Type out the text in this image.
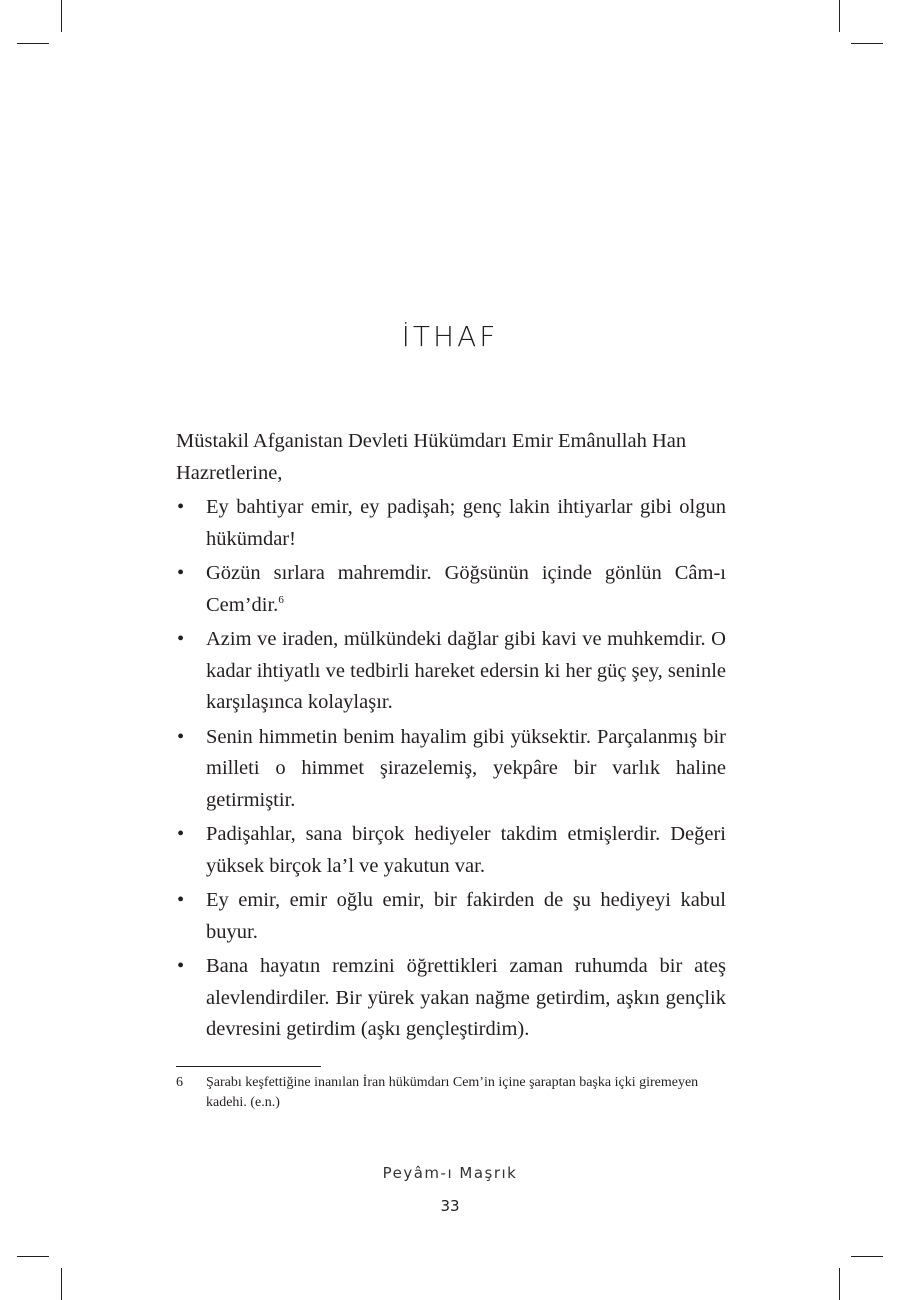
İTHAF

Müstakil Afganistan Devleti Hükümdarı Emir Emânullah Han Hazretlerine,

•	Ey bahtiyar emir, ey padişah; genç lakin ihtiyarlar gibi olgun hükümdar!
•	Gözün sırlara mahremdir. Göğsünün içinde gönlün Câm-ı Cem’dir.$^6$
•	Azim ve iraden, mülkündeki dağlar gibi kavi ve muhkemdir. O kadar ihtiyatlı ve tedbirli hareket edersin ki her güç şey, seninle karşılaşınca kolaylaşır.
•	Senin himmetin benim hayalim gibi yüksektir. Parçalanmış bir milleti o himmet şirazelemiş, yekpâre bir varlık haline getirmiştir.
•	Padişahlar, sana birçok hediyeler takdim etmişlerdir. Değeri yüksek birçok la’l ve yakutun var.
•	Ey emir, emir oğlu emir, bir fakirden de şu hediyeyi kabul buyur.
•	Bana hayatın remzini öğrettikleri zaman ruhumda bir ateş alevlendirdiler. Bir yürek yakan nağme getirdim, aşkın gençlik devresini getirdim (aşkı gençleştirdim).
6	Şarabı keşfettiğine inanılan İran hükümdarı Cem’in içine şaraptan başka içki giremeyen kadehi. (e.n.)
Peyâm-ı Maşrık
33
